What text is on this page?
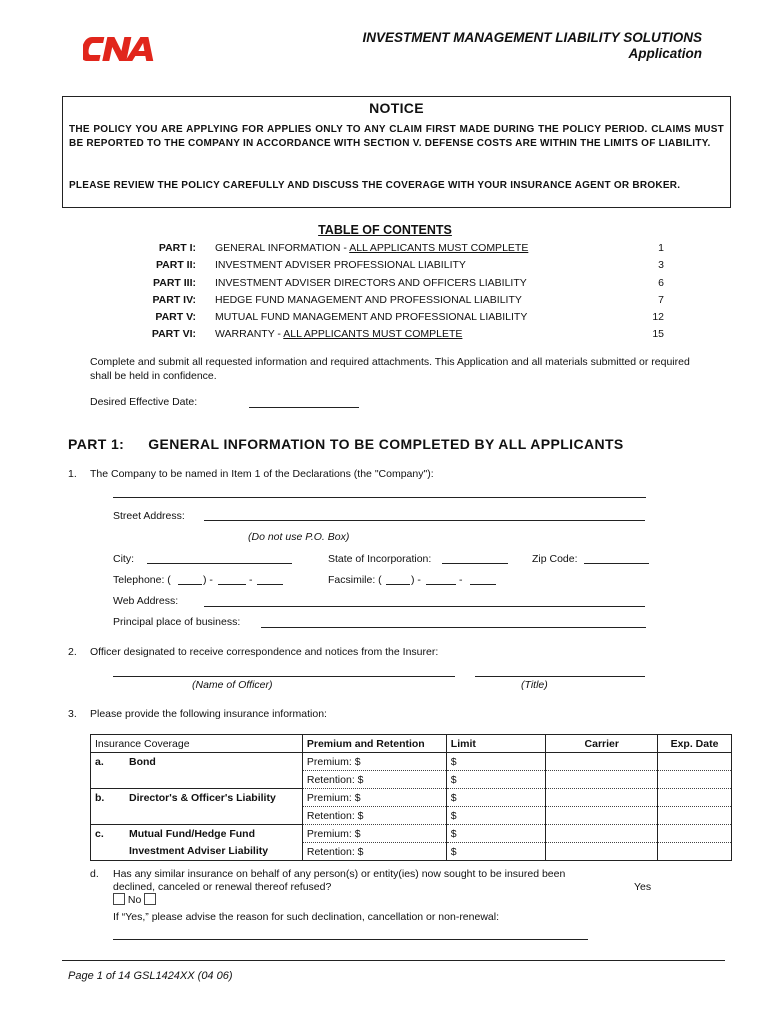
INVESTMENT MANAGEMENT LIABILITY SOLUTIONS
Application
NOTICE
THE POLICY YOU ARE APPLYING FOR APPLIES ONLY TO ANY CLAIM FIRST MADE DURING THE POLICY PERIOD. CLAIMS MUST BE REPORTED TO THE COMPANY IN ACCORDANCE WITH SECTION V. DEFENSE COSTS ARE WITHIN THE LIMITS OF LIABILITY.
PLEASE REVIEW THE POLICY CAREFULLY AND DISCUSS THE COVERAGE WITH YOUR INSURANCE AGENT OR BROKER.
TABLE OF CONTENTS
PART I: GENERAL INFORMATION - ALL APPLICANTS MUST COMPLETE	1
PART II: INVESTMENT ADVISER PROFESSIONAL LIABILITY	3
PART III: INVESTMENT ADVISER DIRECTORS AND OFFICERS LIABILITY	6
PART IV: HEDGE FUND MANAGEMENT AND PROFESSIONAL LIABILITY	7
PART V: MUTUAL FUND MANAGEMENT AND PROFESSIONAL LIABILITY	12
PART VI: WARRANTY - ALL APPLICANTS MUST COMPLETE	15
Complete and submit all requested information and required attachments. This Application and all materials submitted or required shall be held in confidence.
Desired Effective Date:
PART 1: GENERAL INFORMATION TO BE COMPLETED BY ALL APPLICANTS
1. The Company to be named in Item 1 of the Declarations (the "Company"):
Street Address:
(Do not use P.O. Box)
City:	State of Incorporation:	Zip Code:
Telephone: (	) -	-	Facsimile: (	) -	-
Web Address:
Principal place of business:
2. Officer designated to receive correspondence and notices from the Insurer:
(Name of Officer)	(Title)
3. Please provide the following insurance information:
Insurance Coverage	Premium and Retention	Limit	Carrier	Exp. Date
a. Bond	Premium: $	$		
	Retention: $	$		
b. Director's & Officer's Liability	Premium: $	$		
	Retention: $	$		
c. Mutual Fund/Hedge Fund	Premium: $	$		
Investment Adviser Liability	Retention: $	$		
d. Has any similar insurance on behalf of any person(s) or entity(ies) now sought to be insured been
declined, canceled or renewal thereof refused?	Yes
No
If “Yes,” please advise the reason for such declination, cancellation or non-renewal:
Page 1 of 14 GSL1424XX (04 06)
